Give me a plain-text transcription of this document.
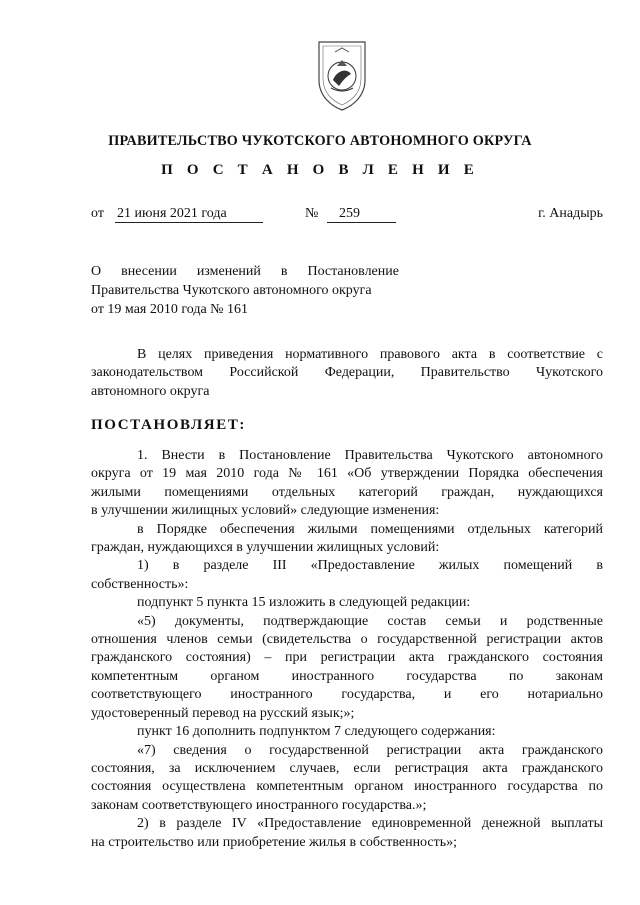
ПРАВИТЕЛЬСТВО ЧУКОТСКОГО АВТОНОМНОГО ОКРУГА
П О С Т А Н О В Л Е Н И Е
от 21 июня 2021 года	№	259	г. Анадырь
О внесении изменений в Постановление
Правительства Чукотского автономного округа
от 19 мая 2010 года № 161
В целях приведения нормативного правового акта в соответствие с
законодательством Российской Федерации, Правительство Чукотского
автономного округа
ПОСТАНОВЛЯЕТ:
1. Внести в Постановление Правительства Чукотского автономного
округа от 19 мая 2010 года № 161 «Об утверждении Порядка обеспечения
жилыми помещениями отдельных категорий граждан, нуждающихся
в улучшении жилищных условий» следующие изменения:
в Порядке обеспечения жилыми помещениями отдельных категорий
граждан, нуждающихся в улучшении жилищных условий:
1) в разделе III «Предоставление жилых помещений в
собственность»:
подпункт 5 пункта 15 изложить в следующей редакции:
«5) документы, подтверждающие состав семьи и родственные
отношения членов семьи (свидетельства о государственной регистрации актов
гражданского состояния) – при регистрации акта гражданского состояния
компетентным органом иностранного государства по законам
соответствующего иностранного государства, и его нотариально
удостоверенный перевод на русский язык;»;
пункт 16 дополнить подпунктом 7 следующего содержания:
«7) сведения о государственной регистрации акта гражданского
состояния, за исключением случаев, если регистрация акта гражданского
состояния осуществлена компетентным органом иностранного государства по
законам соответствующего иностранного государства.»;
2) в разделе IV «Предоставление единовременной денежной выплаты
на строительство или приобретение жилья в собственность»;
